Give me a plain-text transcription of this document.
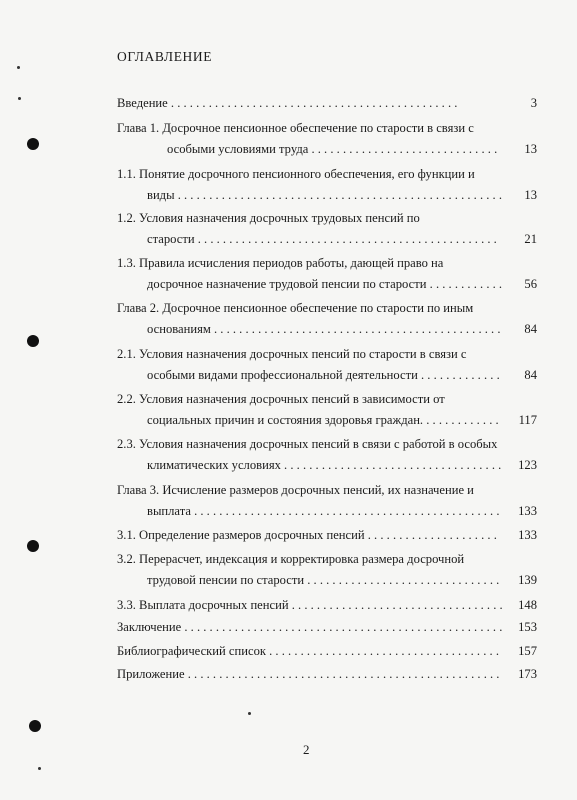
ОГЛАВЛЕНИЕ
Введение . . . . . . . . . . . . . . . . . . . . . . . . . . . . . . . . . . . . . . . . . . . . . .	3
Глава 1. Досрочное пенсионное обеспечение по старости в связи с
особыми условиями труда . . . . . . . . . . . . . . . . . . . . . . . . . . . . . . 13
1.1. Понятие досрочного пенсионного обеспечения, его функции и
виды . . . . . . . . . . . . . . . . . . . . . . . . . . . . . . . . . . . . . . . . . . . . . . . . . . . . 13
1.2. Условия назначения досрочных трудовых пенсий по
старости . . . . . . . . . . . . . . . . . . . . . . . . . . . . . . . . . . . . . . . . . . . . . . . . 21
1.3. Правила исчисления периодов работы, дающей право на
досрочное назначение трудовой пенсии по старости . . . . . . . . . . . . 56
Глава 2. Досрочное пенсионное обеспечение по старости по иным
основаниям . . . . . . . . . . . . . . . . . . . . . . . . . . . . . . . . . . . . . . . . . . . . . . 84
2.1. Условия назначения досрочных пенсий по старости в связи с
особыми видами профессиональной деятельности . . . . . . . . . . . . . 84
2.2. Условия назначения досрочных пенсий в зависимости от
социальных причин и состояния здоровья граждан. . . . . . . . . . . . . 117
2.3. Условия назначения досрочных пенсий в связи с работой в особых
климатических условиях . . . . . . . . . . . . . . . . . . . . . . . . . . . . . . . . . . . 123
Глава 3. Исчисление размеров досрочных пенсий, их назначение и
выплата . . . . . . . . . . . . . . . . . . . . . . . . . . . . . . . . . . . . . . . . . . . . . . . . . 133
3.1. Определение размеров досрочных пенсий . . . . . . . . . . . . . . . . . . . . . 133
3.2. Перерасчет, индексация и корректировка размера досрочной
трудовой пенсии по старости . . . . . . . . . . . . . . . . . . . . . . . . . . . . . . . 139
3.3. Выплата досрочных пенсий . . . . . . . . . . . . . . . . . . . . . . . . . . . . . . . . . . 148
Заключение . . . . . . . . . . . . . . . . . . . . . . . . . . . . . . . . . . . . . . . . . . . . . . . . . . . 153
Библиографический список . . . . . . . . . . . . . . . . . . . . . . . . . . . . . . . . . . . . . 157
Приложение . . . . . . . . . . . . . . . . . . . . . . . . . . . . . . . . . . . . . . . . . . . . . . . . . . 173
2
